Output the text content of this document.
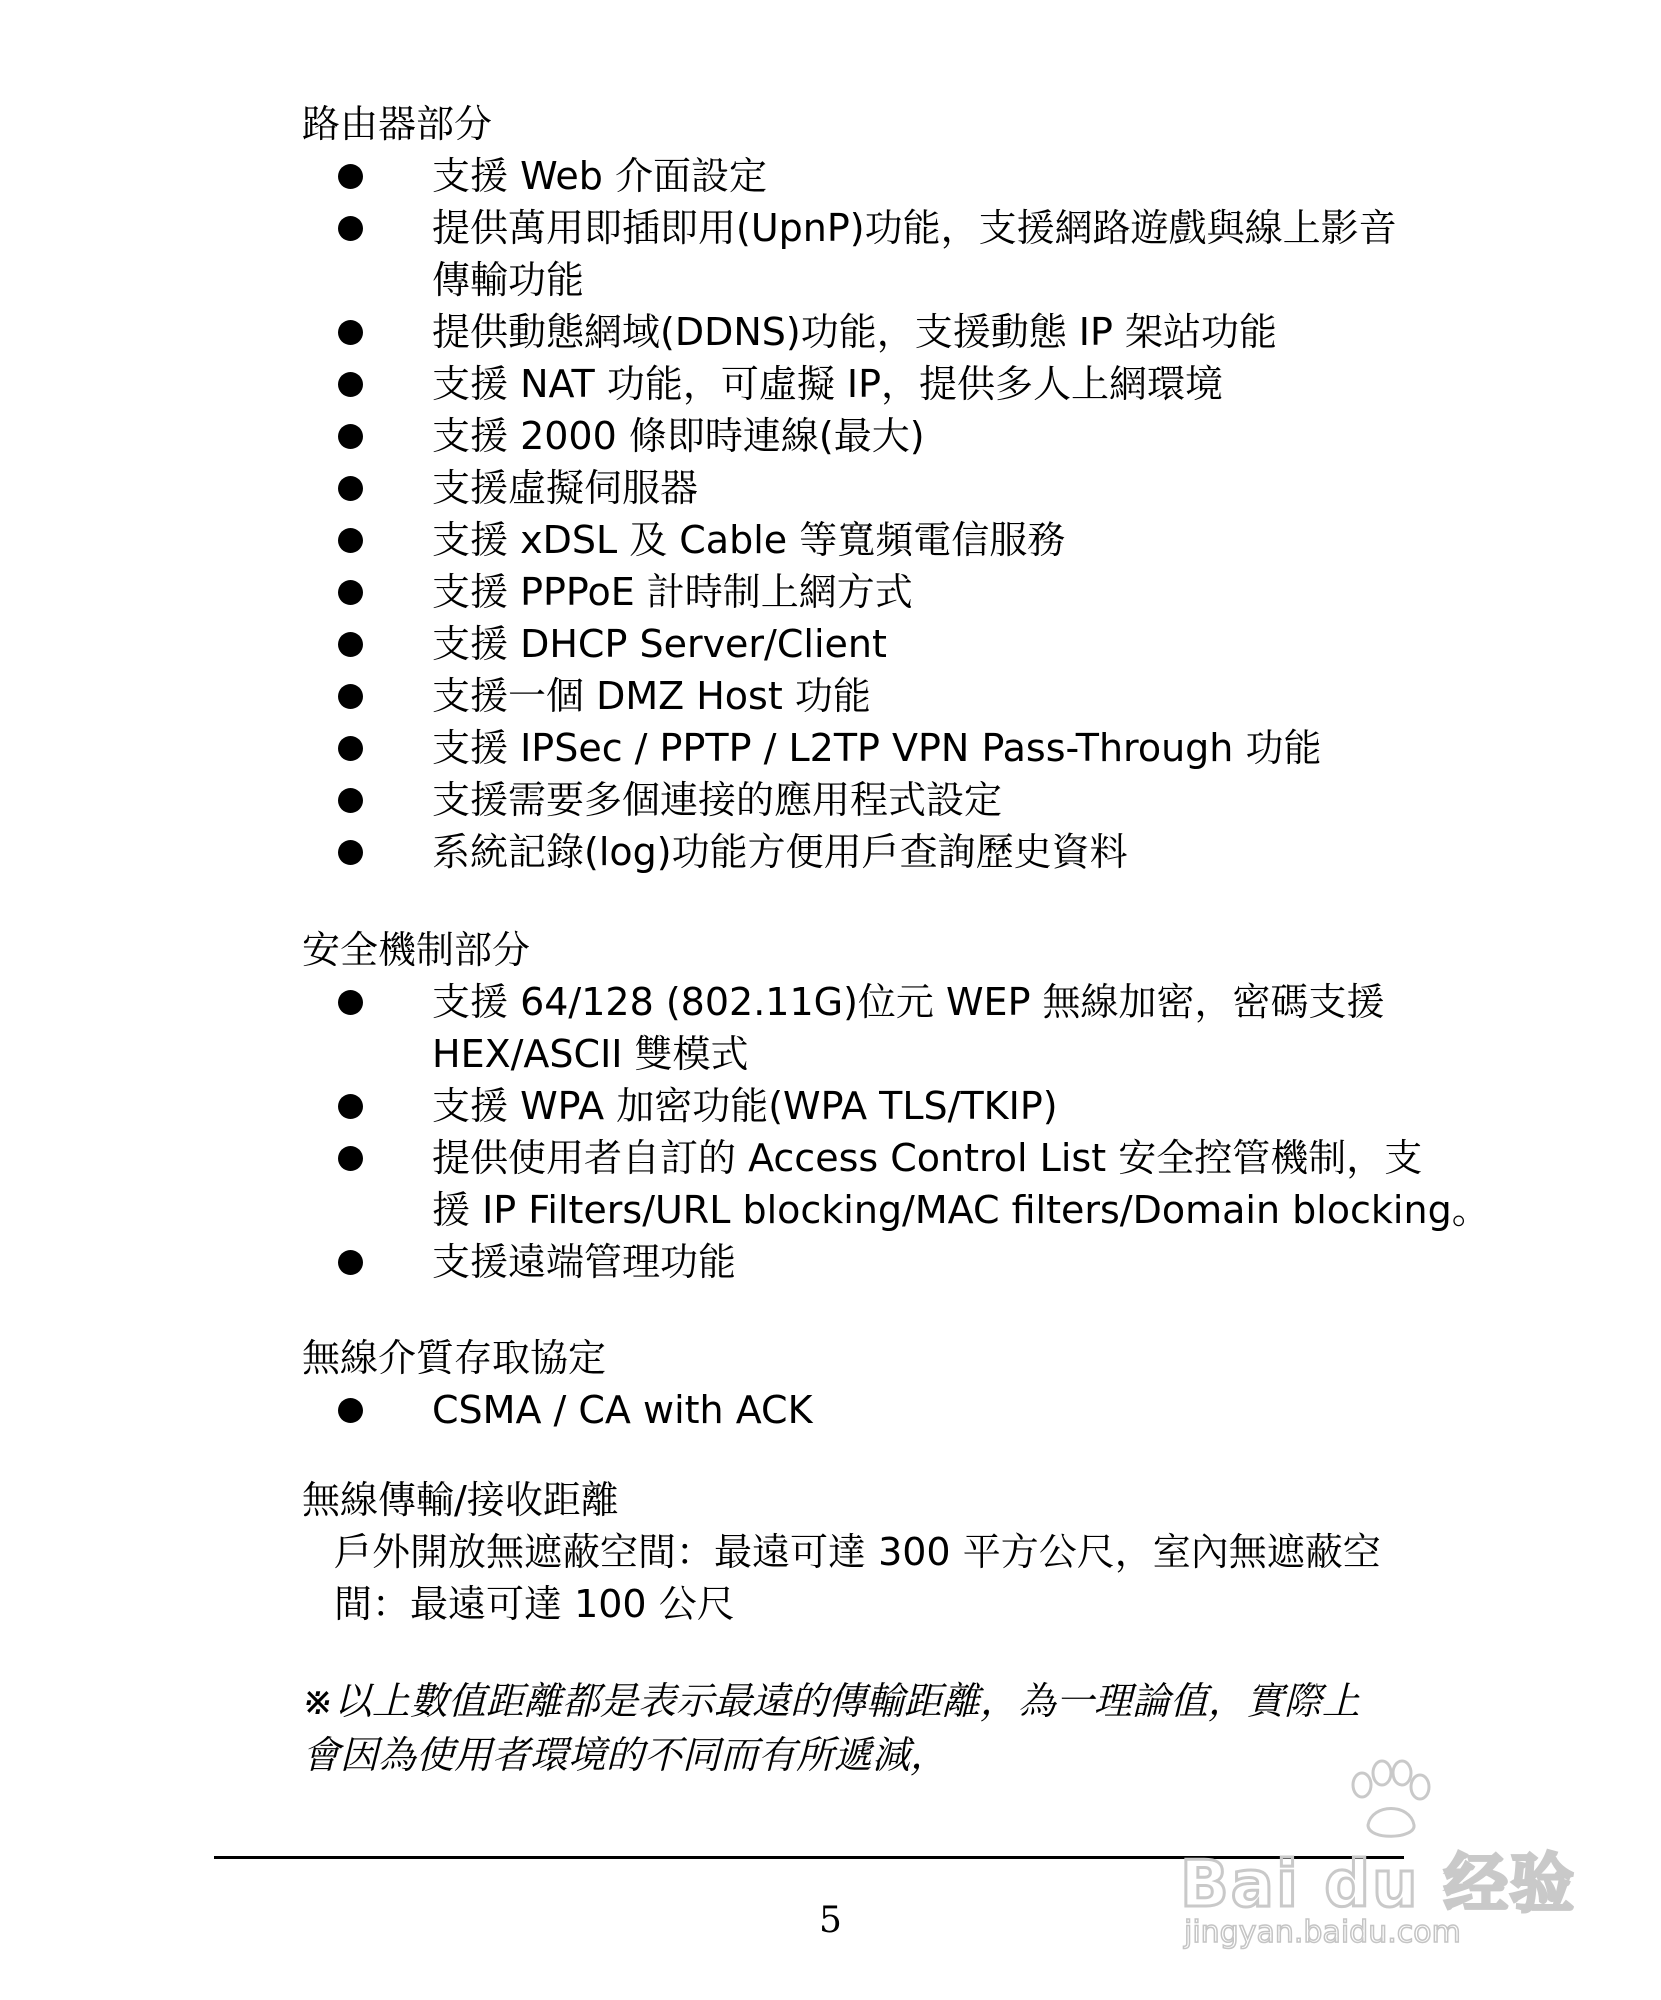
路由器部分
支援 Web 介面設定
提供萬用即插即用(UpnP)功能，支援網路遊戲與線上影音
傳輸功能
提供動態網域(DDNS)功能，支援動態 IP 架站功能
支援 NAT 功能，可虛擬 IP，提供多人上網環境
支援 2000 條即時連線(最大)
支援虛擬伺服器
支援 xDSL 及 Cable 等寬頻電信服務
支援 PPPoE 計時制上網方式
支援 DHCP Server/Client
支援一個 DMZ Host 功能
支援 IPSec / PPTP / L2TP VPN Pass-Through 功能
支援需要多個連接的應用程式設定
系統記錄(log)功能方便用戶查詢歷史資料
安全機制部分
支援 64/128 (802.11G)位元 WEP 無線加密，密碼支援
HEX/ASCII 雙模式
支援 WPA 加密功能(WPA TLS/TKIP)
提供使用者自訂的 Access Control List 安全控管機制，支
援 IP Filters/URL blocking/MAC filters/Domain blocking。
支援遠端管理功能
無線介質存取協定
CSMA / CA with ACK
無線傳輸/接收距離
戶外開放無遮蔽空間：最遠可達 300 平方公尺，室內無遮蔽空
間：最遠可達 100 公尺
※以上數值距離都是表示最遠的傳輸距離，為一理論值，實際上
會因為使用者環境的不同而有所遞減，
5	Bai du 经验
jingyan.baidu.com
